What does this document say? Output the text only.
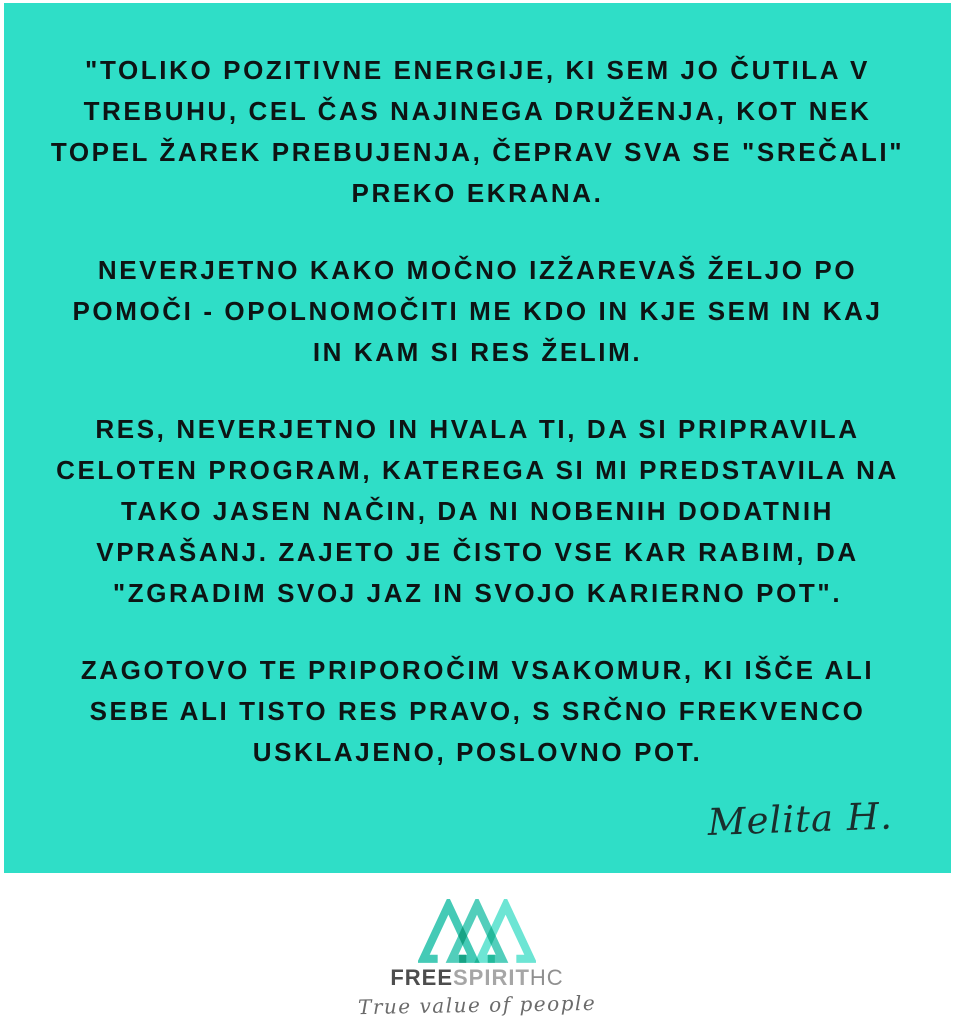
"TOLIKO POZITIVNE ENERGIJE, KI SEM JO ČUTILA V
TREBUHU, CEL ČAS NAJINEGA DRUŽENJA, KOT NEK
TOPEL ŽAREK PREBUJENJA, ČEPRAV SVA SE "SREČALI"
PREKO EKRANA.
NEVERJETNO KAKO MOČNO IZŽAREVAŠ ŽELJO PO
POMOČI - OPOLNOMOČITI ME KDO IN KJE SEM IN KAJ
IN KAM SI RES ŽELIM.
RES, NEVERJETNO IN HVALA TI, DA SI PRIPRAVILA
CELOTEN PROGRAM, KATEREGA SI MI PREDSTAVILA NA
TAKO JASEN NAČIN, DA NI NOBENIH DODATNIH
VPRAŠANJ. ZAJETO JE ČISTO VSE KAR RABIM, DA
"ZGRADIM SVOJ JAZ IN SVOJO KARIERNO POT".
ZAGOTOVO TE PRIPOROČIM VSAKOMUR, KI IŠČE ALI
SEBE ALI TISTO RES PRAVO, S SRČNO FREKVENCO
USKLAJENO, POSLOVNO POT.
Melita H.
FREESPIRITHC
True value of people
